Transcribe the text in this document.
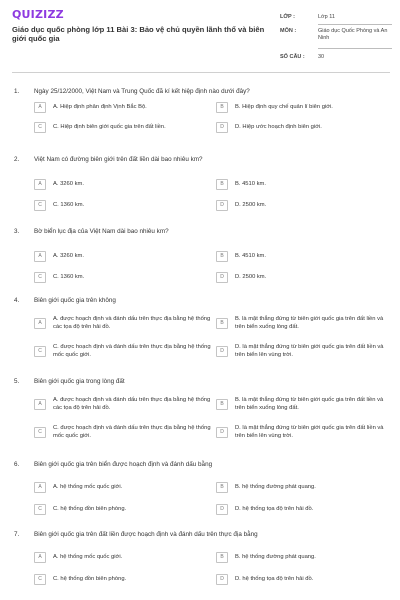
QUIZIZZ
Giáo dục quốc phòng lớp 11 Bài 3: Bảo vệ chủ quyền lãnh thổ và biên giới quốc gia
LỚP :	Lớp 11
MÔN :	Giáo dục Quốc Phòng và An Ninh
SỐ CÂU :	30
1.	Ngày 25/12/2000, Việt Nam và Trung Quốc đã kí kết hiệp định nào dưới đây?
A	A. Hiệp định phân định Vịnh Bắc Bộ.	B	B. Hiệp định quy chế quản lí biên giới.
C	C. Hiệp định biên giới quốc gia trên đất liền.	D	D. Hiệp ước hoạch định biên giới.
2.	Việt Nam có đường biên giới trên đất liền dài bao nhiêu km?
A	A. 3260 km.	B	B. 4510 km.
C	C. 1360 km.	D	D. 2500 km.
3.	Bờ biển lục địa của Việt Nam dài bao nhiêu km?
A	A. 3260 km.	B	B. 4510 km.
C	C. 1360 km.	D	D. 2500 km.
4.	Biên giới quốc gia trên không
A
A. được hoạch định và đánh dấu trên thực địa bằng hệ thống các tọa độ trên hải đồ.
B
B. là mặt thẳng đứng từ biên giới quốc gia trên đất liền và trên biển xuống lòng đất.
C
C. được hoạch định và đánh dấu trên thực địa bằng hệ thống mốc quốc giới.
D
D. là mặt thẳng đứng từ biên giới quốc gia trên đất liền và trên biển lên vùng trời.
5.	Biên giới quốc gia trong lòng đất
A
A. được hoạch định và đánh dấu trên thực địa bằng hệ thống các tọa độ trên hải đồ.
B
B. là mặt thẳng đứng từ biên giới quốc gia trên đất liền và trên biển xuống lòng đất.
C
C. được hoạch định và đánh dấu trên thực địa bằng hệ thống mốc quốc giới.
D
D. là mặt thẳng đứng từ biên giới quốc gia trên đất liền và trên biển lên vùng trời.
6.	Biên giới quốc gia trên biển được hoạch định và đánh dấu bằng
A	A. hệ thống mốc quốc giới.	B	B. hệ thống đường phát quang.
C	C. hệ thống đồn biên phòng.	D	D. hệ thống tọa độ trên hải đồ.
7.	Biên giới quốc gia trên đất liền được hoạch định và đánh dấu trên thực địa bằng
A	A. hệ thống mốc quốc giới.	B	B. hệ thống đường phát quang.
C	C. hệ thống đồn biên phòng.	D	D. hệ thống tọa độ trên hải đồ.
